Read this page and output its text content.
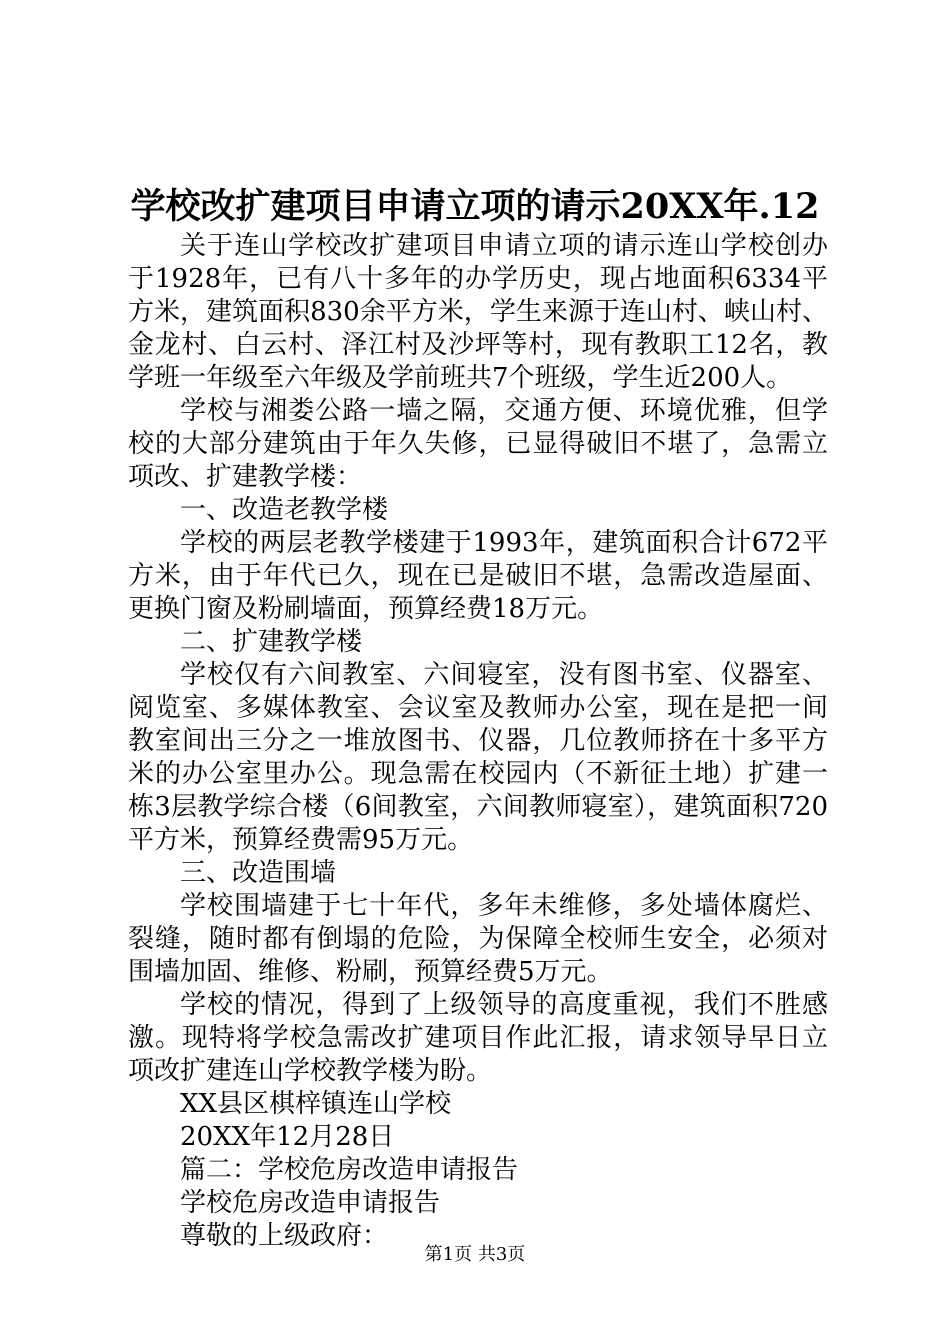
学校改扩建项目申请立项的请示20XX年.12

关于连山学校改扩建项目申请立项的请示连山学校创办于1928年，已有八十多年的办学历史，现占地面积6334平方米，建筑面积830余平方米，学生来源于连山村、峡山村、金龙村、白云村、泽江村及沙坪等村，现有教职工12名，教学班一年级至六年级及学前班共7个班级，学生近200人。

学校与湘娄公路一墙之隔，交通方便、环境优雅，但学校的大部分建筑由于年久失修，已显得破旧不堪了，急需立项改、扩建教学楼：

一、改造老教学楼

学校的两层老教学楼建于1993年，建筑面积合计672平方米，由于年代已久，现在已是破旧不堪，急需改造屋面、更换门窗及粉刷墙面，预算经费18万元。

二、扩建教学楼

学校仅有六间教室、六间寝室，没有图书室、仪器室、阅览室、多媒体教室、会议室及教师办公室，现在是把一间教室间出三分之一堆放图书、仪器，几位教师挤在十多平方米的办公室里办公。现急需在校园内（不新征土地）扩建一栋3层教学综合楼（6间教室，六间教师寝室），建筑面积720平方米，预算经费需95万元。

三、改造围墙

学校围墙建于七十年代，多年未维修，多处墙体腐烂、裂缝，随时都有倒塌的危险，为保障全校师生安全，必须对围墙加固、维修、粉刷，预算经费5万元。

学校的情况，得到了上级领导的高度重视，我们不胜感激。现特将学校急需改扩建项目作此汇报，请求领导早日立项改扩建连山学校教学楼为盼。

XX县区棋梓镇连山学校

20XX年12月28日

篇二：学校危房改造申请报告

学校危房改造申请报告

尊敬的上级政府：

第1页 共3页
